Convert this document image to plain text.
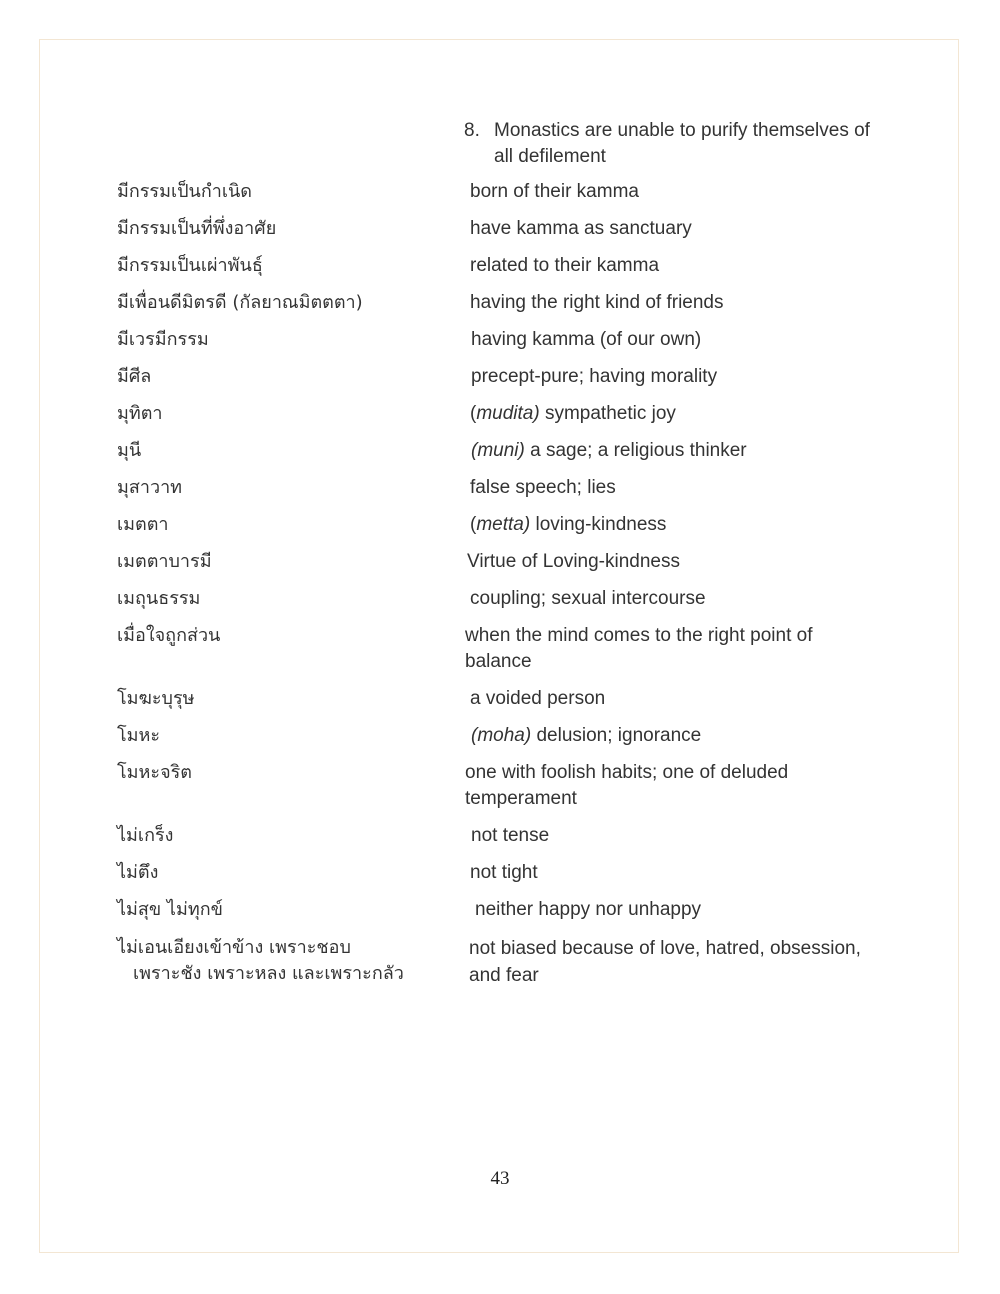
8. Monastics are unable to purify themselves of all defilement
มีกรรมเป็นกำเนิด
มีกรรมเป็นที่พึ่งอาศัย
มีกรรมเป็นเผ่าพันธุ์
มีเพื่อนดีมิตรดี (กัลยาณมิตตตา)
มีเวรมีกรรม
มีศีล
มุทิตา
มุนี
มุสาวาท
เมตตา
เมตตาบารมี
เมถุนธรรม
เมื่อใจถูกส่วน
โมฆะบุรุษ
โมหะ
โมหะจริต
ไม่เกร็ง
ไม่ตึง
ไม่สุข ไม่ทุกข์
ไม่เอนเอียงเข้าข้าง เพราะชอบ
เพราะชัง เพราะหลง และเพราะกลัว
born of their kamma
have kamma as sanctuary
related to their kamma
having the right kind of friends
having kamma (of our own)
precept-pure; having morality
(mudita) sympathetic joy
(muni) a sage; a religious thinker
false speech; lies
(metta) loving-kindness
Virtue of Loving-kindness
coupling; sexual intercourse
when the mind comes to the right point of balance
a voided person
(moha) delusion; ignorance
one with foolish habits; one of deluded temperament
not tense
not tight
neither happy nor unhappy
not biased because of love, hatred, obsession, and fear
43
